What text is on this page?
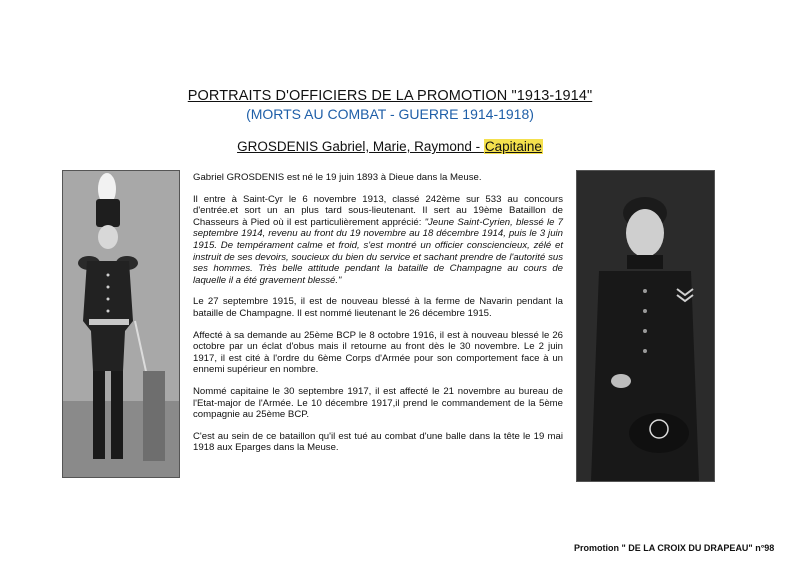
PORTRAITS D'OFFICIERS DE LA PROMOTION "1913-1914"
(MORTS AU COMBAT - GUERRE 1914-1918)
GROSDENIS Gabriel, Marie, Raymond - Capitaine

Gabriel GROSDENIS est né le 19 juin 1893 à Dieue dans la Meuse.

Il entre à Saint-Cyr le 6 novembre 1913, classé 242ème sur 533 au concours d'entrée.et sort un an plus tard sous-lieutenant. Il sert au 19ème Bataillon de Chasseurs à Pied où il est particulièrement apprécié: "Jeune Saint-Cyrien, blessé le 7 septembre 1914, revenu au front du 19 novembre au 18 décembre 1914, puis le 3 juin 1915. De tempérament calme et froid, s'est montré un officier consciencieux, zélé et instruit de ses devoirs, soucieux du bien du service et sachant prendre de l'autorité sus ses hommes. Très belle attitude pendant la bataille de Champagne au cours de laquelle il a été gravement blessé."

Le 27 septembre 1915, il est de nouveau blessé à la ferme de Navarin pendant la bataille de Champagne. Il est nommé lieutenant le 26 décembre 1915.

Affecté à sa demande au 25ème BCP le 8 octobre 1916, il est à nouveau blessé le 26 octobre par un éclat d'obus mais il retourne au front dès le 30 novembre. Le 2 juin 1917, il est cité à l'ordre du 6ème Corps d'Armée pour son comportement face à un ennemi supérieur en nombre.

Nommé capitaine le 30 septembre 1917, il est affecté le 21 novembre au bureau de l'Etat-major de l'Armée. Le 10 décembre 1917,il prend le commandement de la 5ème compagnie au 25ème BCP.

C'est au sein de ce bataillon qu'il est tué au combat d'une balle dans la tête le 19 mai 1918 aux Eparges dans la Meuse.

Promotion " DE LA CROIX DU DRAPEAU" n°98
